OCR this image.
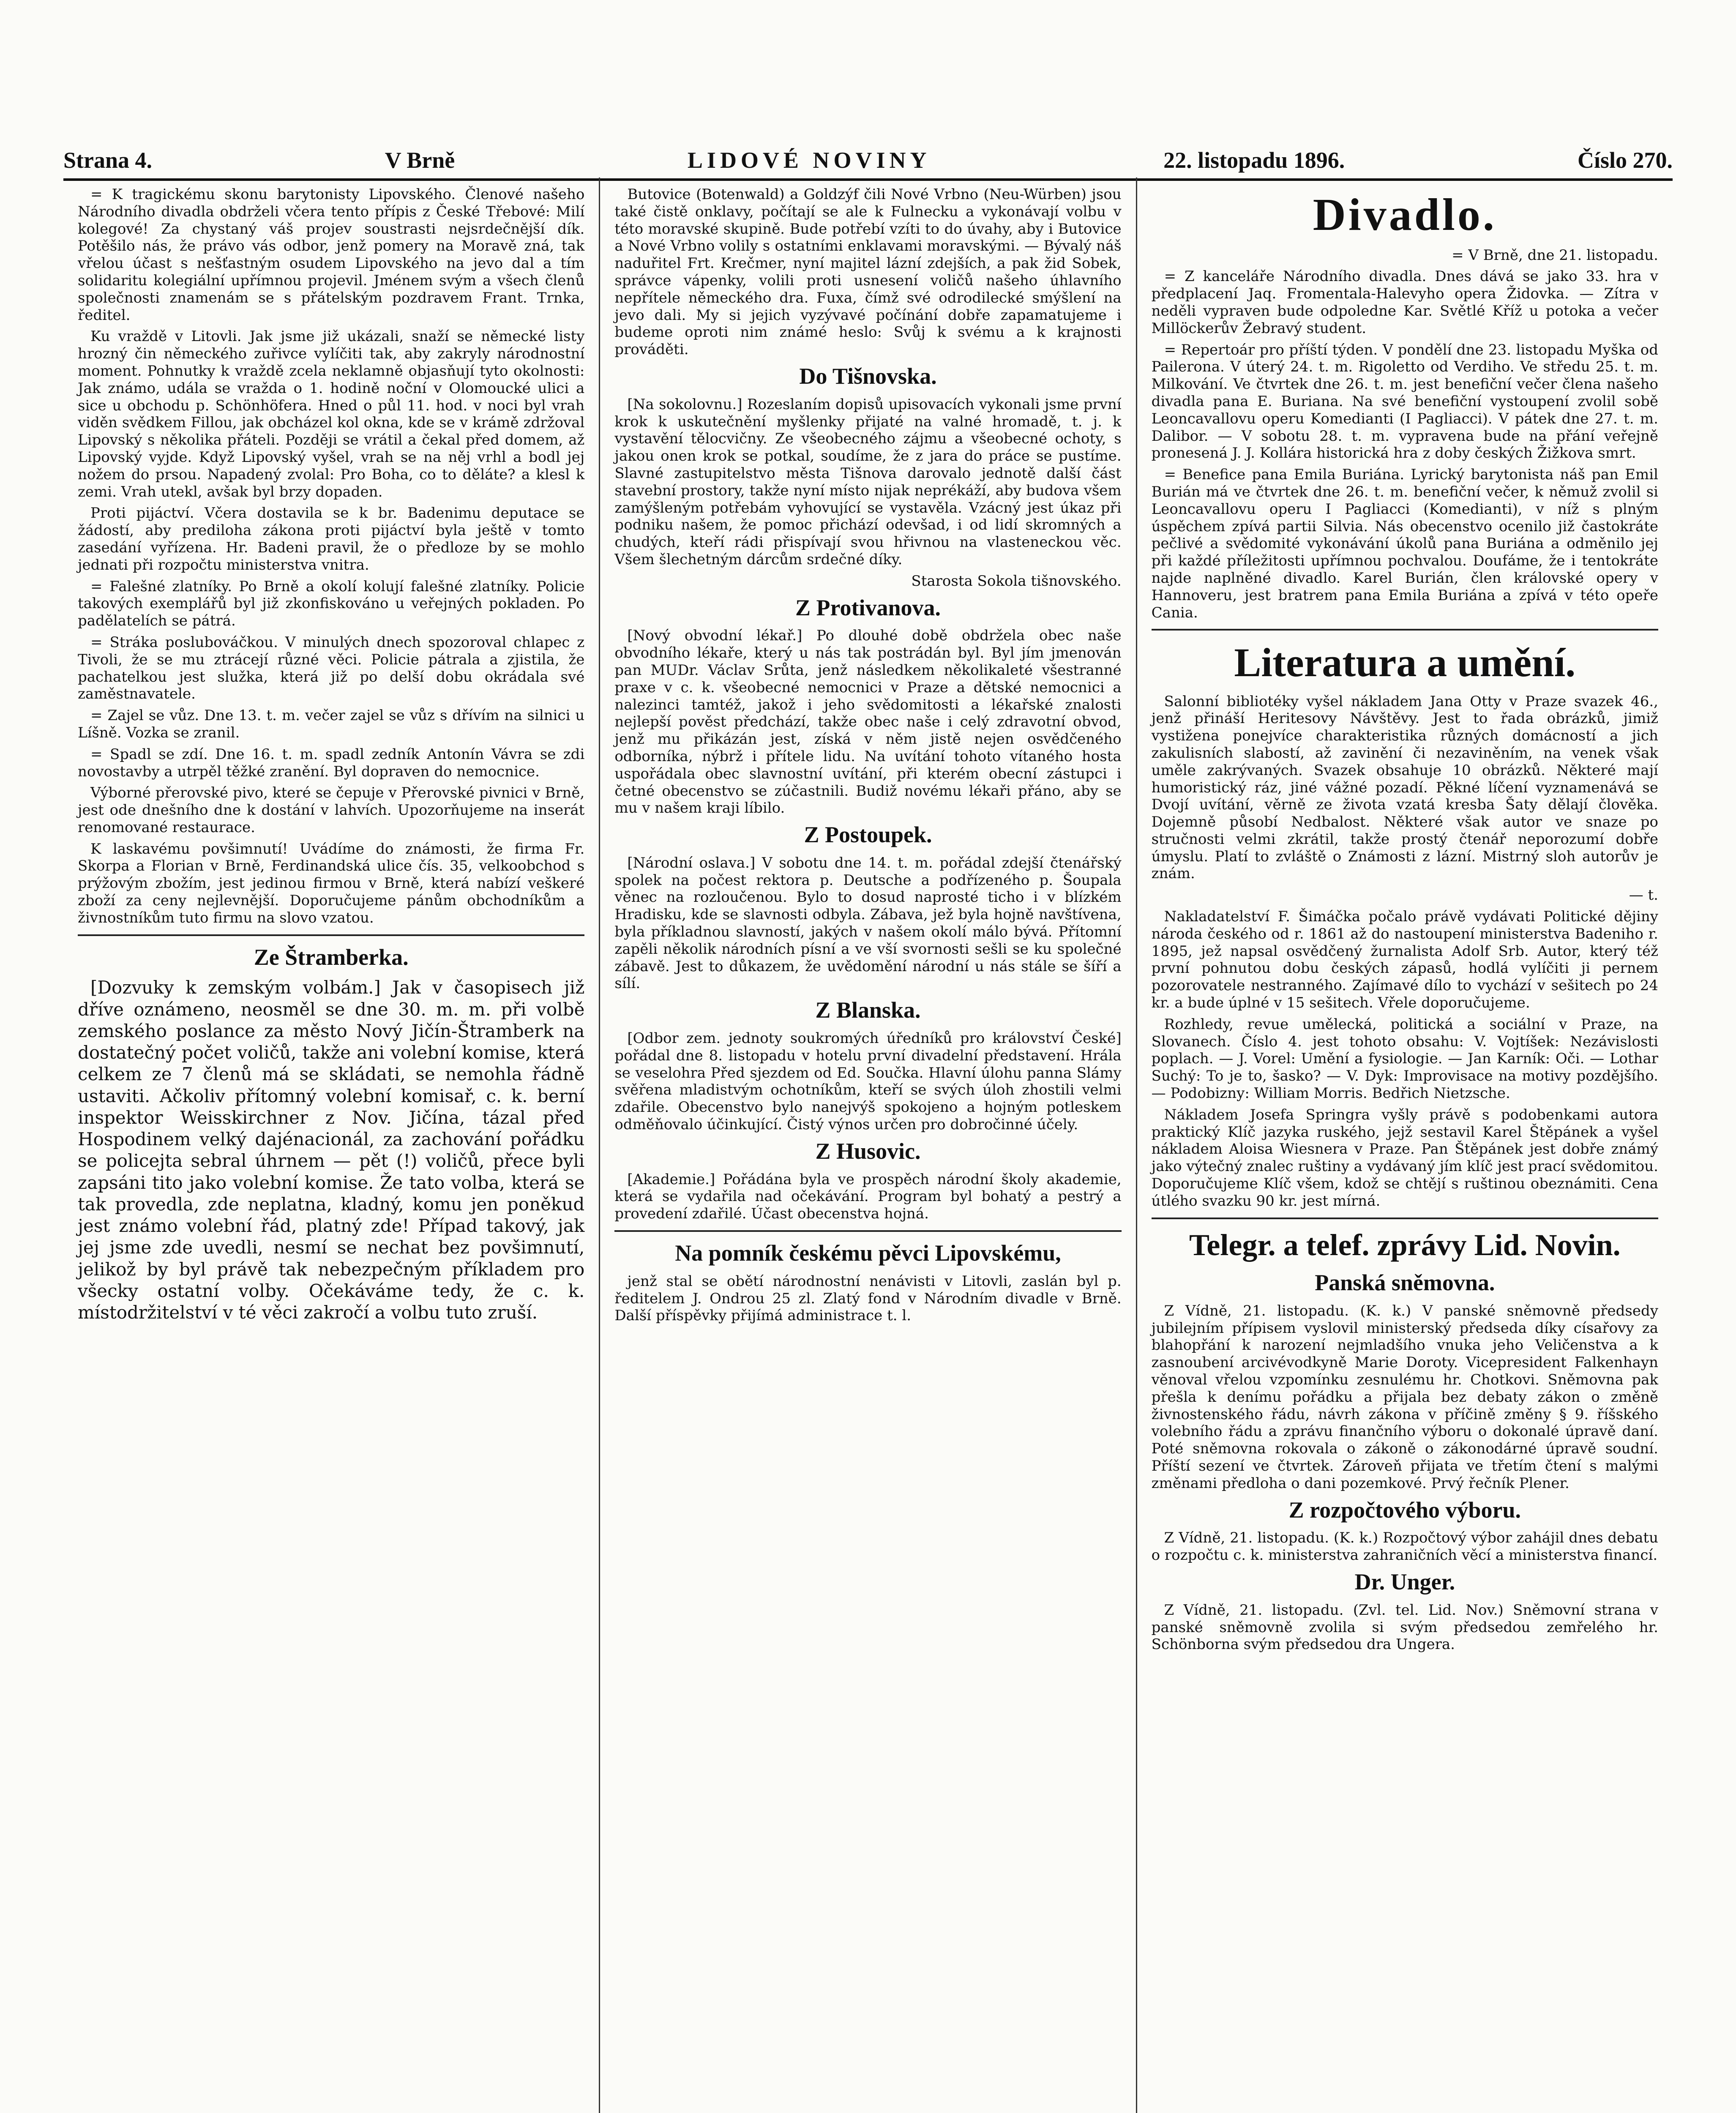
Strana 4.	V Brně	LIDOVÉ NOVINY	22. listopadu 1896.	Číslo 270.

= K tragickému skonu barytonisty Lipovského. Členové našeho Národního divadla obdrželi včera tento přípis z České Třebové: Milí kolegové! Za chystaný váš projev soustrasti nejsrdečnější dík. Potěšilo nás, že právo vás odbor, jenž pomery na Moravě zná, tak vřelou účast s nešťastným osudem Lipovského na jevo dal a tím solidaritu kolegiální upřímnou projevil. Jménem svým a všech členů společnosti znamenám se s přátelským pozdravem Frant. Trnka, ředitel.

Ku vraždě v Litovli. Jak jsme již ukázali, snaží se německé listy hrozný čin německého zuřivce vylíčiti tak, aby zakryly národnostní moment. Pohnutky k vraždě zcela neklamně objasňují tyto okolnosti: Jak známo, udála se vražda o 1. hodině noční v Olomoucké ulici a sice u obchodu p. Schönhöfera. Hned o půl 11. hod. v noci byl vrah viděn svědkem Fillou, jak obcházel kol okna, kde se v krámě zdržoval Lipovský s několika přáteli. Později se vrátil a čekal před domem, až Lipovský vyjde. Když Lipovský vyšel, vrah se na něj vrhl a bodl jej nožem do prsou. Napadený zvolal: Pro Boha, co to děláte? a klesl k zemi. Vrah utekl, avšak byl brzy dopaden.

Proti pijáctví. Včera dostavila se k br. Badenimu deputace se žádostí, aby prediloha zákona proti pijáctví byla ještě v tomto zasedání vyřízena. Hr. Badeni pravil, že o předloze by se mohlo jednati při rozpočtu ministerstva vnitra.

= Falešné zlatníky. Po Brně a okolí kolují falešné zlatníky. Policie takových exemplářů byl již zkonfiskováno u veřejných pokladen. Po padělatelích se pátrá.

= Stráka poslubováčkou. V minulých dnech spozoroval chlapec z Tivoli, že se mu ztrácejí různé věci. Policie pátrala a zjistila, že pachatelkou jest služka, která již po delší dobu okrádala své zaměstnavatele.

= Zajel se vůz. Dne 13. t. m. večer zajel se vůz s dřívím na silnici u Líšně. Vozka se zranil.

= Spadl se zdí. Dne 16. t. m. spadl zedník Antonín Vávra se zdi novostavby a utrpěl těžké zranění. Byl dopraven do nemocnice.

Výborné přerovské pivo, které se čepuje v Přerovské pivnici v Brně, jest ode dnešního dne k dostání v lahvích. Upozorňujeme na inserát renomované restaurace.

K laskavému povšimnutí! Uvádíme do známosti, že firma Fr. Skorpa a Florian v Brně, Ferdinandská ulice čís. 35, velkoobchod s prýžovým zbožím, jest jedinou firmou v Brně, která nabízí veškeré zboží za ceny nejlevnější. Doporučujeme pánům obchodníkům a živnostníkům tuto firmu na slovo vzatou.

Ze Štramberka.

[Dozvuky k zemským volbám.] Jak v časopisech již dříve oznámeno, neosměl se dne 30. m. m. při volbě zemského poslance za město Nový Jičín-Štramberk na dostatečný počet voličů, takže ani volební komise, která celkem ze 7 členů má se skládati, se nemohla řádně ustaviti. Ačkoliv přítomný volební komisař, c. k. berní inspektor Weisskirchner z Nov. Jičína, tázal před Hospodinem velký dajénacionál, za zachování pořádku se policejta sebral úhrnem — pět (!) voličů, přece byli zapsáni tito jako volební komise. Že tato volba, která se tak provedla, zde neplatna, kladný, komu jen poněkud jest známo volební řád, platný zde! Případ takový, jak jej jsme zde uvedli, nesmí se nechat bez povšimnutí, jelikož by byl právě tak nebezpečným příkladem pro všecky ostatní volby. Očekáváme tedy, že c. k. místodržitelství v té věci zakročí a volbu tuto zruší.

Butovice (Botenwald) a Goldzýf čili Nové Vrbno (Neu-Würben) jsou také čistě onklavy, počítají se ale k Fulnecku a vykonávají volbu v této moravské skupině. Bude potřebí vzíti to do úvahy, aby i Butovice a Nové Vrbno volily s ostatními enklavami moravskými. — Bývalý náš naduřitel Frt. Krečmer, nyní majitel lázní zdejších, a pak žid Sobek, správce vápenky, volili proti usnesení voličů našeho úhlavního nepřítele německého dra. Fuxa, čímž své odrodilecké smýšlení na jevo dali. My si jejich vyzývavé počínání dobře zapamatujeme i budeme oproti nim známé heslo: Svůj k svému a k krajnosti prováděti.

Do Tišnovska.

[Na sokolovnu.] Rozeslaním dopisů upisovacích vykonali jsme první krok k uskutečnění myšlenky přijaté na valné hromadě, t. j. k vystavění tělocvičny. Ze všeobecného zájmu a všeobecné ochoty, s jakou onen krok se potkal, soudíme, že z jara do práce se pustíme. Slavné zastupitelstvo města Tišnova darovalo jednotě další část stavební prostory, takže nyní místo nijak neprékáží, aby budova všem zamýšleným potřebám vyhovující se vystavěla. Vzácný jest úkaz při podniku našem, že pomoc přichází odevšad, i od lidí skromných a chudých, kteří rádi přispívají svou hřivnou na vlasteneckou věc. Všem šlechetným dárcům srdečné díky.

Starosta Sokola tišnovského.
Z Protivanova.

[Nový obvodní lékař.] Po dlouhé době obdržela obec naše obvodního lékaře, který u nás tak postrádán byl. Byl jím jmenován pan MUDr. Václav Srůta, jenž následkem několikaleté všestranné praxe v c. k. všeobecné nemocnici v Praze a dětské nemocnici a nalezinci tamtéž, jakož i jeho svědomitosti a lékařské znalosti nejlepší pověst předchází, takže obec naše i celý zdravotní obvod, jenž mu přikázán jest, získá v něm jistě nejen osvědčeného odborníka, nýbrž i přítele lidu. Na uvítání tohoto vítaného hosta uspořádala obec slavnostní uvítání, při kterém obecní zástupci i četné obecenstvo se zúčastnili. Budiž novému lékaři přáno, aby se mu v našem kraji líbilo.

Z Postoupek.

[Národní oslava.] V sobotu dne 14. t. m. pořádal zdejší čtenářský spolek na počest rektora p. Deutsche a podřízeného p. Šoupala věnec na rozloučenou. Bylo to dosud naprosté ticho i v blízkém Hradisku, kde se slavnosti odbyla. Zábava, jež byla hojně navštívena, byla příkladnou slavností, jakých v našem okolí málo bývá. Přítomní zapěli několik národních písní a ve vší svornosti sešli se ku společné zábavě. Jest to důkazem, že uvědomění národní u nás stále se šíří a sílí.

Z Blanska.

[Odbor zem. jednoty soukromých úředníků pro království České] pořádal dne 8. listopadu v hotelu první divadelní představení. Hrála se veselohra Před sjezdem od Ed. Součka. Hlavní úlohu panna Slámy svěřena mladistvým ochotníkům, kteří se svých úloh zhostili velmi zdařile. Obecenstvo bylo nanejvýš spokojeno a hojným potleskem odměňovalo účinkující. Čistý výnos určen pro dobročinné účely.

Z Husovic.

[Akademie.] Pořádána byla ve prospěch národní školy akademie, která se vydařila nad očekávání. Program byl bohatý a pestrý a provedení zdařilé. Účast obecenstva hojná.

Na pomník českému pěvci Lipovskému,

jenž stal se obětí národnostní nenávisti v Litovli, zaslán byl p. ředitelem J. Ondrou 25 zl. Zlatý fond v Národním divadle v Brně. Další příspěvky přijímá administrace t. l.

Divadlo.
= V Brně, dne 21. listopadu.

= Z kanceláře Národního divadla. Dnes dává se jako 33. hra v předplacení Jaq. Fromentala-Halevyho opera Židovka. — Zítra v neděli vypraven bude odpoledne Kar. Světlé Kříž u potoka a večer Millöckerův Žebravý student.

= Repertoár pro příští týden. V pondělí dne 23. listopadu Myška od Pailerona. V úterý 24. t. m. Rigoletto od Verdiho. Ve středu 25. t. m. Milkování. Ve čtvrtek dne 26. t. m. jest benefiční večer člena našeho divadla pana E. Buriana. Na své benefiční vystoupení zvolil sobě Leoncavallovu operu Komedianti (I Pagliacci). V pátek dne 27. t. m. Dalibor. — V sobotu 28. t. m. vypravena bude na přání veřejně pronesená J. J. Kollára historická hra z doby českých Žižkova smrt.

= Benefice pana Emila Buriána. Lyrický barytonista náš pan Emil Burián má ve čtvrtek dne 26. t. m. benefiční večer, k němuž zvolil si Leoncavallovu operu I Pagliacci (Komedianti), v níž s plným úspěchem zpívá partii Silvia. Nás obecenstvo ocenilo již častokráte pečlivé a svědomité vykonávání úkolů pana Buriána a odměnilo jej při každé příležitosti upřímnou pochvalou. Doufáme, že i tentokráte najde naplněné divadlo. Karel Burián, člen královské opery v Hannoveru, jest bratrem pana Emila Buriána a zpívá v této opeře Cania.

Literatura a umění.

Salonní bibliotéky vyšel nákladem Jana Otty v Praze svazek 46., jenž přináší Heritesovy Návštěvy. Jest to řada obrázků, jimiž vystižena ponejvíce charakteristika různých domácností a jich zakulisních slabostí, až zavinění či nezaviněním, na venek však uměle zakrývaných. Svazek obsahuje 10 obrázků. Některé mají humoristický ráz, jiné vážné pozadí. Pěkné líčení vyznamenává se Dvojí uvítání, věrně ze života vzatá kresba Šaty dělají člověka. Dojemně působí Nedbalost. Některé však autor ve snaze po stručnosti velmi zkrátil, takže prostý čtenář neporozumí dobře úmyslu. Platí to zvláště o Známosti z lázní. Mistrný sloh autorův je znám.

— t.

Nakladatelství F. Šimáčka počalo právě vydávati Politické dějiny národa českého od r. 1861 až do nastoupení ministerstva Badeniho r. 1895, jež napsal osvědčený žurnalista Adolf Srb. Autor, který též první pohnutou dobu českých zápasů, hodlá vylíčiti ji pernem pozorovatele nestranného. Zajímavé dílo to vychází v sešitech po 24 kr. a bude úplné v 15 sešitech. Vřele doporučujeme.

Rozhledy, revue umělecká, politická a sociální v Praze, na Slovanech. Číslo 4. jest tohoto obsahu: V. Vojtíšek: Nezávislosti poplach. — J. Vorel: Umění a fysiologie. — Jan Karník: Oči. — Lothar Suchý: To je to, šasko? — V. Dyk: Improvisace na motivy pozdějšího. — Podobizny: William Morris. Bedřich Nietzsche.

Nákladem Josefa Springra vyšly právě s podobenkami autora praktický Klíč jazyka ruského, jejž sestavil Karel Štěpánek a vyšel nákladem Aloisa Wiesnera v Praze. Pan Štěpánek jest dobře známý jako výtečný znalec ruštiny a vydávaný jím klíč jest prací svědomitou. Doporučujeme Klíč všem, kdož se chtějí s ruštinou obeznámiti. Cena útlého svazku 90 kr. jest mírná.

Telegr. a telef. zprávy Lid. Novin.
Panská sněmovna.

Z Vídně, 21. listopadu. (K. k.) V panské sněmovně předsedy jubilejním přípisem vyslovil ministerský předseda díky císařovy za blahopřání k narození nejmladšího vnuka jeho Veličenstva a k zasnoubení arcivévodkyně Marie Doroty. Vicepresident Falkenhayn věnoval vřelou vzpomínku zesnulému hr. Chotkovi. Sněmovna pak přešla k denímu pořádku a přijala bez debaty zákon o změně živnostenského řádu, návrh zákona v příčině změny § 9. říšského volebního řádu a zprávu finančního výboru o dokonalé úpravě daní. Poté sněmovna rokovala o zákoně o zákonodárné úpravě soudní. Příští sezení ve čtvrtek. Zároveň přijata ve třetím čtení s malými změnami předloha o dani pozemkové. Prvý řečník Plener.

Z rozpočtového výboru.

Z Vídně, 21. listopadu. (K. k.) Rozpočtový výbor zahájil dnes debatu o rozpočtu c. k. ministerstva zahraničních věcí a ministerstva financí.

Dr. Unger.

Z Vídně, 21. listopadu. (Zvl. tel. Lid. Nov.) Sněmovní strana v panské sněmovně zvolila si svým předsedou zemřelého hr. Schönborna svým předsedou dra Ungera.
